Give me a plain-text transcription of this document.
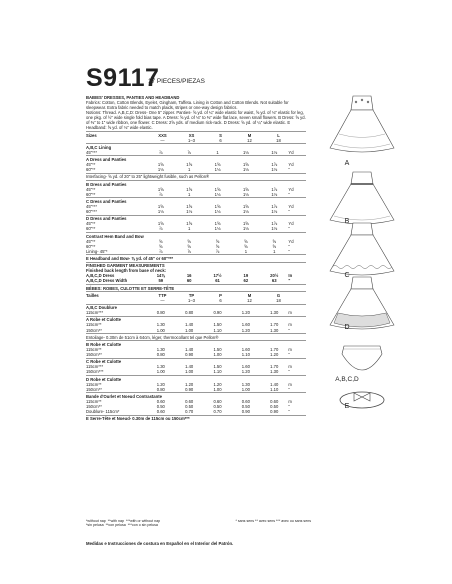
S9117
17 PIECES/PIEZAS
BABIES' DRESSES, PANTIES AND HEADBAND
Fabrics: Cotton, Cotton Blends, Eyelet, Gingham, Taffeta. Lining in Cotton and Cotton Blends. Not suitable for sleepwear. Extra fabric needed to match plaids, stripes or one-way design fabrics.
Notions: Thread. A,B,C,D: Dress- One 5" zipper. Panties- ⅝ yd. of ¼" wide elastic for waist, ⅝ yd. of ⅛" elastic for leg, one pkg. of ½" wide single fold bias tape. A Dress: ⅝ yd. of ⅛" to ⅜" wide flat lace, seven small flowers. B Dress: ⅝ yd. of ⅜" to 1" wide ribbon, one flower. C Dress: 2⅝ yds. of medium rick-rack. D Dress: ⅝ yd. of ¼" wide elastic. E Headband: ⅝ yd. of ⅛" wide elastic.
Sizes	XXS	XS	S	M	L
—	1–3	6	12	18
A,B,C Lining
45"***	⅞	⅞	1	1⅛	1⅛	Yd
A Dress and Panties
45"**	1⅝	1⅝	1⅝	1⅝	1⅞	Yd
60"**	1⅛	1	1⅛	1⅛	1⅛	"
Interfacing- ⅝ yd. of 20" to 25" lightweight fusible, such as Pellon®
B Dress and Panties
45"**	1⅝	1⅝	1⅝	1⅝	1⅞	Yd
60"**	⅞	1	1⅛	1⅛	1⅛	"
C Dress and Panties
45"***	1⅝	1⅝	1⅝	1⅝	1⅞	Yd
60"***	1⅛	1⅛	1⅛	1⅛	1⅛	"
D Dress and Panties
45"**	1⅝	1⅝	1⅝	1⅝	1⅞	Yd
60"**	⅞	1	1⅛	1⅛	1⅛	"
Contrast Hem Band and Bow
45"**	⅝	⅝	⅝	⅝	⅝	Yd
60"**	⅝	⅝	⅝	⅝	⅝	"
Lining- 45"*	⅞	⅞	⅞	1	1	"
E Headband and Bow- ⅝ yd. of 45" or 60"***
FINISHED GARMENT MEASUREMENTS
Finished back length from base of neck:
A,B,C,D Dress	14⅝	16	17½	19	20½	In
A,B,C,D Dress Width	59	60	61	62	63	"
BÉBES: ROBES, CULOTTE ET SERRE-TÊTE
Tailles	TTP	TP	P	M	G
—	1–3	6	12	18
A,B,C Doublure
115cm***	0.80	0.80	0.90	1.20	1.30	m
A Robe et Culotte
115cm**	1.30	1.40	1.50	1.60	1.70	m
150cm**	1.00	1.00	1.10	1.20	1.30	"
Entoilage- 0.30m de 51cm à 64cm, léger, thermocollant tel que Pellon®
B Robe et Culotte
115cm**	1.30	1.40	1.50	1.60	1.70	m
150cm**	0.80	0.90	1.00	1.10	1.20	"
C Robe et Culotte
115cm***	1.30	1.40	1.50	1.60	1.70	m
150cm***	1.00	1.00	1.10	1.20	1.30	"
D Robe et Culotte
115cm**	1.20	1.20	1.20	1.30	1.40	m
150cm**	0.80	0.90	1.00	1.00	1.10	"
Bande d'Ourlet et Noeud Contrastante
115cm**	0.60	0.60	0.60	0.60	0.60	m
150cm**	0.50	0.50	0.50	0.50	0.50	"
Doublure- 115cm*	0.60	0.70	0.70	0.90	0.90	"
E Serre-Tête et Noeud- 0.30m de 115cm ou 150cm***
*without nap  **with nap  ***with or without nap
*sin pelusa  **con pelusa  ***con o sin pelusa
* sans sens ** avec sens *** avec ou sans sens
Medidas e Instrucciones de costura en Español en el Interior del Patrón.
A
B
C
D
A,B,C,D
E
